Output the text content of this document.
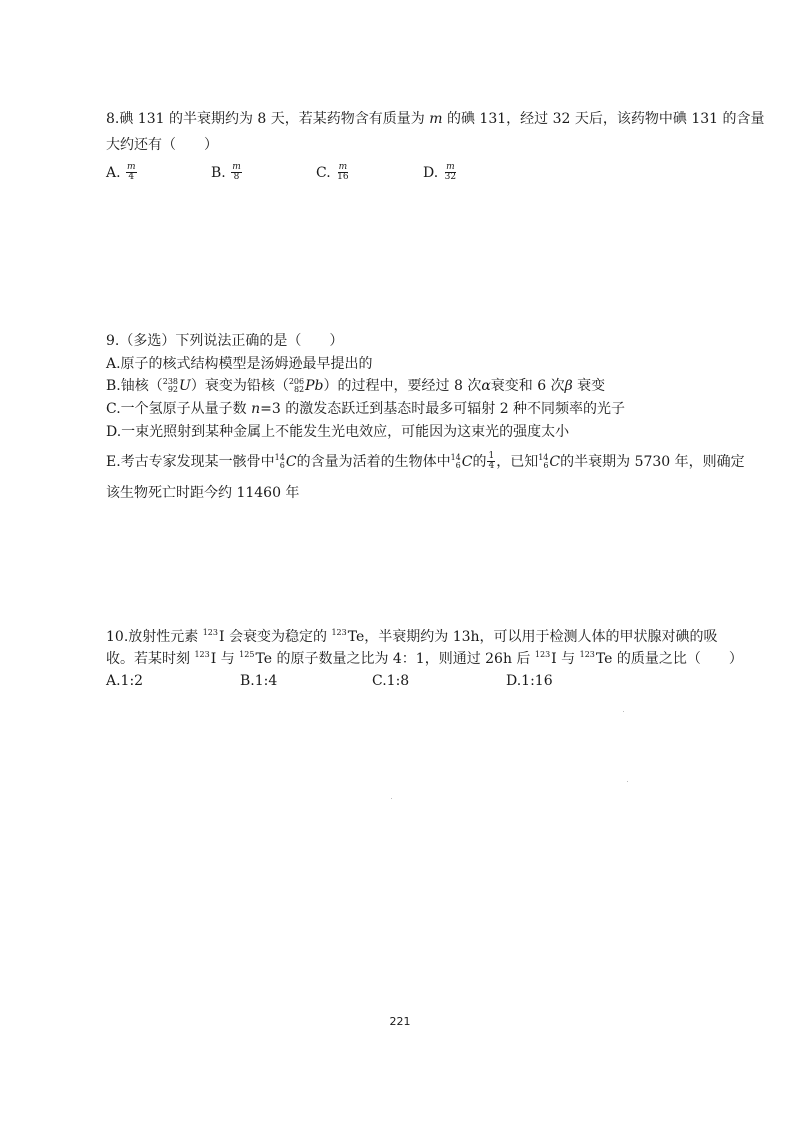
8.碘 131 的半衰期约为 8 天，若某药物含有质量为 m 的碘 131，经过 32 天后，该药物中碘 131 的含量
大约还有（　　）
A. $\frac{m}{4}$	B. $\frac{m}{8}$	C. $\frac{m}{16}$	D. $\frac{m}{32}$
9.（多选）下列说法正确的是（　　）
A.原子的核式结构模型是汤姆逊最早提出的
B.铀核（ 238
92 U ）衰变为铅核（ 206
82 Pb ）的过程中，要经过 8 次α衰变和 6 次β 衰变
C.一个氢原子从量子数 n=3 的激发态跃迁到基态时最多可辐射 2 种不同频率的光子
D.一束光照射到某种金属上不能发生光电效应，可能因为这束光的强度太小
E.考古专家发现某一骸骨中 14
6 C 的含量为活着的生物体中 14
6 C 的 $\frac{1}{4}$ ，已知 14
6 C 的半衰期为 5730 年，则确定
该生物死亡时距今约 11460 年
10.放射性元素 $^{123}$I 会衰变为稳定的 $^{123}$Te，半衰期约为 13h，可以用于检测人体的甲状腺对碘的吸
收。若某时刻 $^{123}$I 与 $^{125}$Te 的原子数量之比为 4：1，则通过 26h 后 $^{123}$I 与 $^{123}$Te 的质量之比（　　）
A.1:2	B.1:4	C.1:8	D.1:16
221
